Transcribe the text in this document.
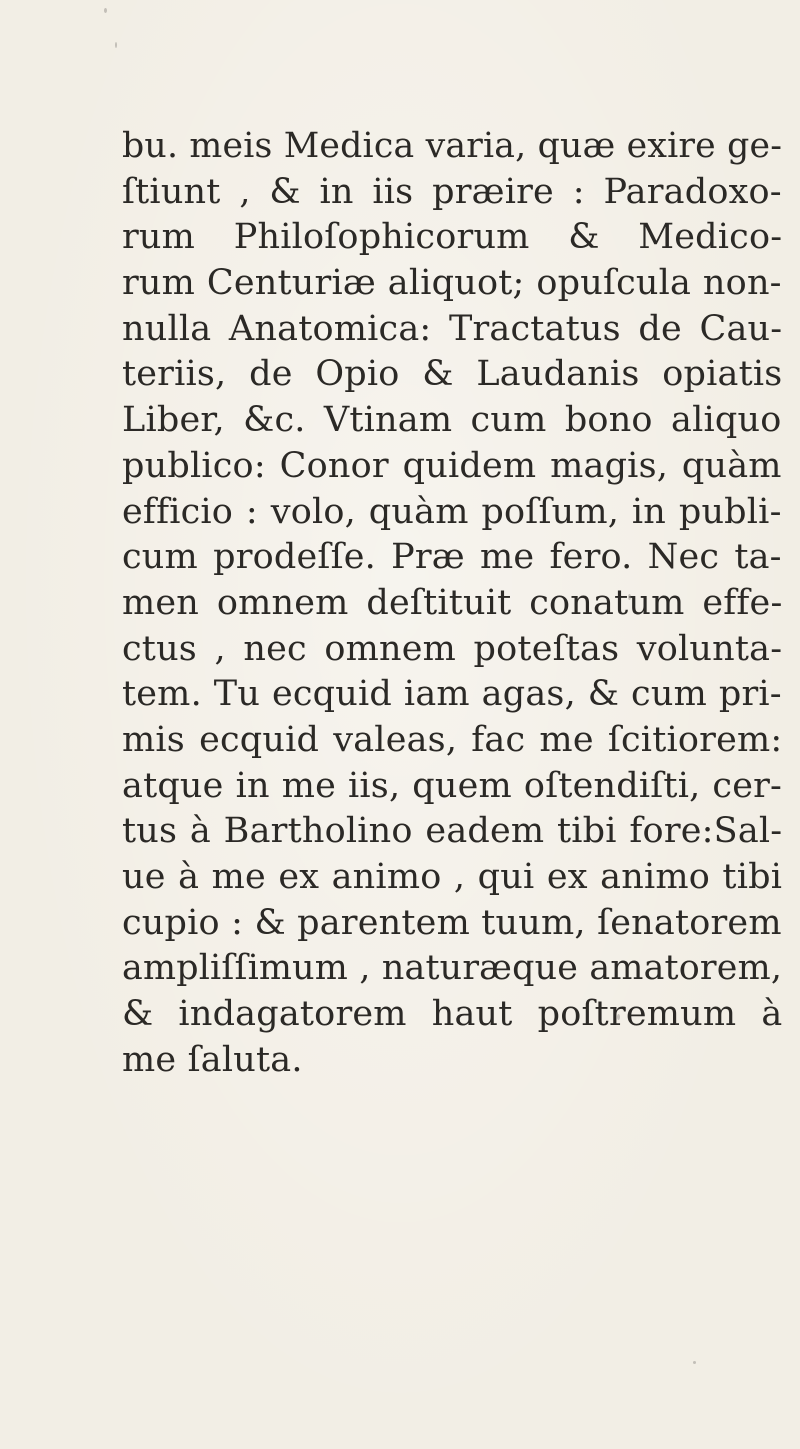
bu. meis Medica varia, quæ exire ge-
ſtiunt , & in iis præire : Paradoxo-
rum Philoſophicorum & Medico-
rum Centuriæ aliquot; opuſcula non-
nulla Anatomica: Tractatus de Cau-
teriis, de Opio & Laudanis opiatis
Liber, &c. Vtinam cum bono aliquo
publico: Conor quidem magis, quàm
efficio : volo, quàm poſſum, in publi-
cum prodeſſe. Præ me fero. Nec ta-
men omnem deſtituit conatum effe-
ctus , nec omnem poteſtas volunta-
tem. Tu ecquid iam agas, & cum pri-
mis ecquid valeas, fac me ſcitiorem:
atque in me iis, quem oſtendiſti, cer-
tus à Bartholino eadem tibi fore:Sal-
ue à me ex animo , qui ex animo tibi
cupio : & parentem tuum, ſenatorem
ampliſſimum , naturæque amatorem,
& indagatorem haut poſtremum à
me ſaluta.
